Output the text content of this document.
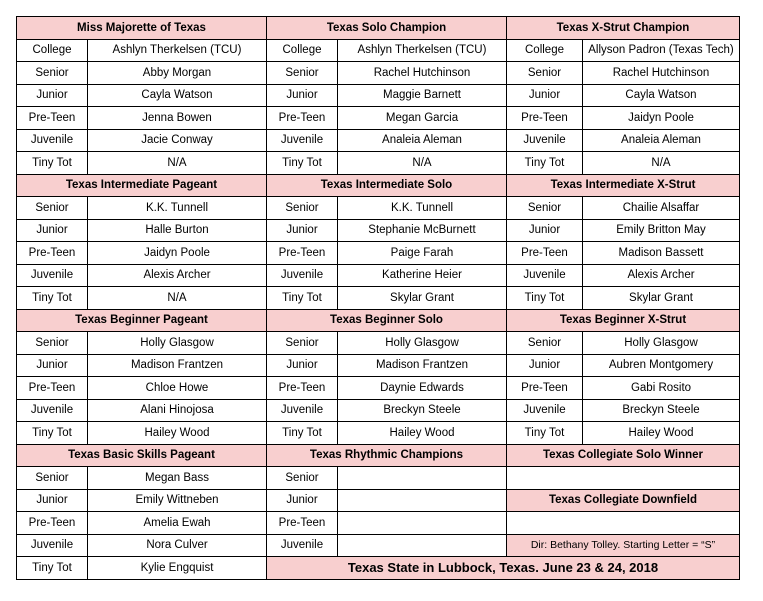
Miss Majorette of Texas		Texas Solo Champion		Texas X-Strut Champion	
College	Ashlyn Therkelsen (TCU)	College	Ashlyn Therkelsen (TCU)	College	Allyson Padron (Texas Tech)
Senior	Abby Morgan	Senior	Rachel Hutchinson	Senior	Rachel Hutchinson
Junior	Cayla Watson	Junior	Maggie Barnett	Junior	Cayla Watson
Pre-Teen	Jenna Bowen	Pre-Teen	Megan Garcia	Pre-Teen	Jaidyn Poole
Juvenile	Jacie Conway	Juvenile	Analeia Aleman	Juvenile	Analeia Aleman
Tiny Tot	N/A	Tiny Tot	N/A	Tiny Tot	N/A
Texas Intermediate Pageant		Texas Intermediate Solo		Texas Intermediate X-Strut	
Senior	K.K. Tunnell	Senior	K.K. Tunnell	Senior	Chailie Alsaffar
Junior	Halle Burton	Junior	Stephanie McBurnett	Junior	Emily Britton May
Pre-Teen	Jaidyn Poole	Pre-Teen	Paige Farah	Pre-Teen	Madison Bassett
Juvenile	Alexis Archer	Juvenile	Katherine Heier	Juvenile	Alexis Archer
Tiny Tot	N/A	Tiny Tot	Skylar Grant	Tiny Tot	Skylar Grant
Texas Beginner Pageant		Texas Beginner Solo		Texas Beginner X-Strut	
Senior	Holly Glasgow	Senior	Holly Glasgow	Senior	Holly Glasgow
Junior	Madison Frantzen	Junior	Madison Frantzen	Junior	Aubren Montgomery
Pre-Teen	Chloe Howe	Pre-Teen	Daynie Edwards	Pre-Teen	Gabi Rosito
Juvenile	Alani Hinojosa	Juvenile	Breckyn Steele	Juvenile	Breckyn Steele
Tiny Tot	Hailey Wood	Tiny Tot	Hailey Wood	Tiny Tot	Hailey Wood
Texas Basic Skills Pageant		Texas Rhythmic Champions		Texas Collegiate Solo Winner	
Senior	Megan Bass	Senior			
Junior	Emily Wittneben	Junior		Texas Collegiate Downfield	
Pre-Teen	Amelia Ewah	Pre-Teen			
Juvenile	Nora Culver	Juvenile		Dir: Bethany Tolley. Starting Letter = “S”	
Tiny Tot	Kylie Engquist	Texas State in Lubbock, Texas. June 23 & 24, 2018			
